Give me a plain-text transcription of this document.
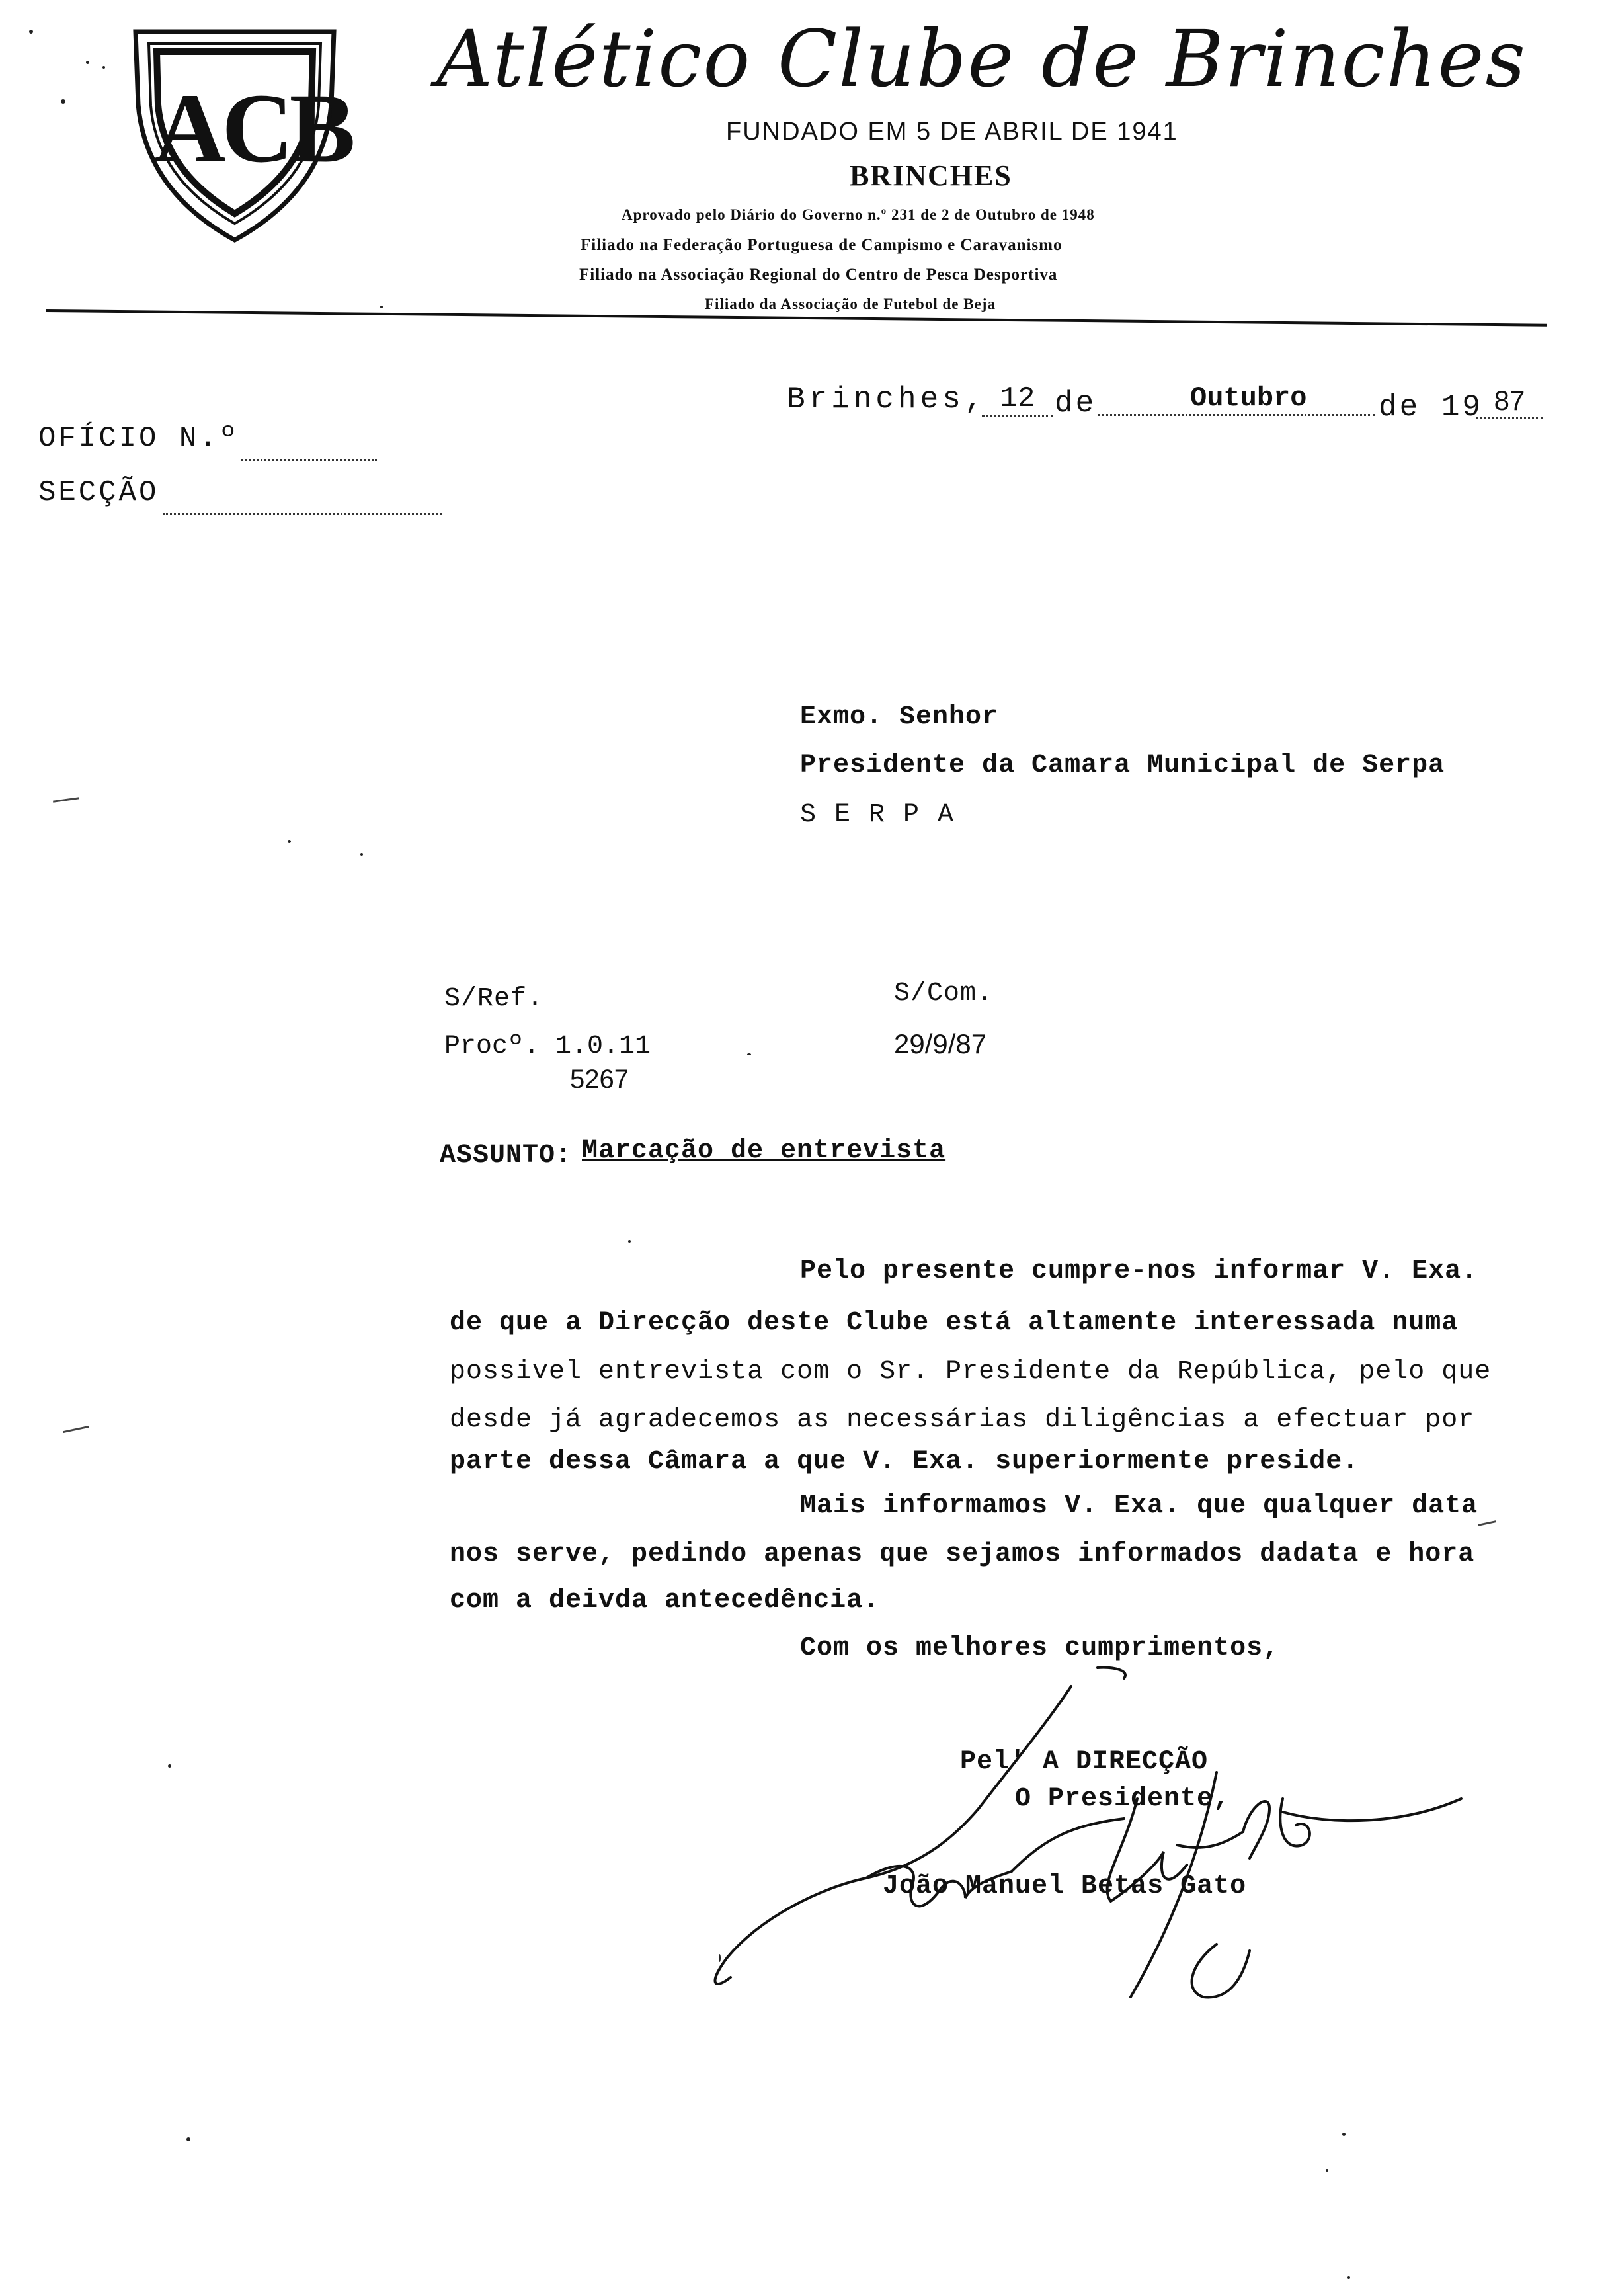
ACB
Atlético Clube de Brinches
FUNDADO EM 5 DE ABRIL DE 1941
BRINCHES
Aprovado pelo Diário do Governo n.º 231 de 2 de Outubro de 1948
Filiado na Federação Portuguesa de Campismo e Caravanismo
Filiado na Associação Regional do Centro de Pesca Desportiva
Filiado da Associação de Futebol de Beja
Brinches, 12 de	Outubro	de 19 87
OFÍCIO N.º
SECÇÃO
Exmo. Senhor
Presidente da Camara Municipal de Serpa
S E R P A
S/Ref.
Procº. 1.0.11
5267
S/Com.
29/9/87
ASSUNTO: Marcação de entrevista
Pelo presente cumpre-nos informar V. Exa.
de que a Direcção deste Clube está altamente interessada numa
possivel entrevista com o Sr. Presidente da República, pelo que
desde já agradecemos as necessárias diligências a efectuar por
parte dessa Câmara a que V. Exa. superiormente preside.
Mais informamos V. Exa. que qualquer data
nos serve, pedindo apenas que sejamos informados dadata e hora
com a deivda antecedência.
Com os melhores cumprimentos,
Pel' A DIRECÇÃO
O Presidente,
João Manuel Betas Gato
